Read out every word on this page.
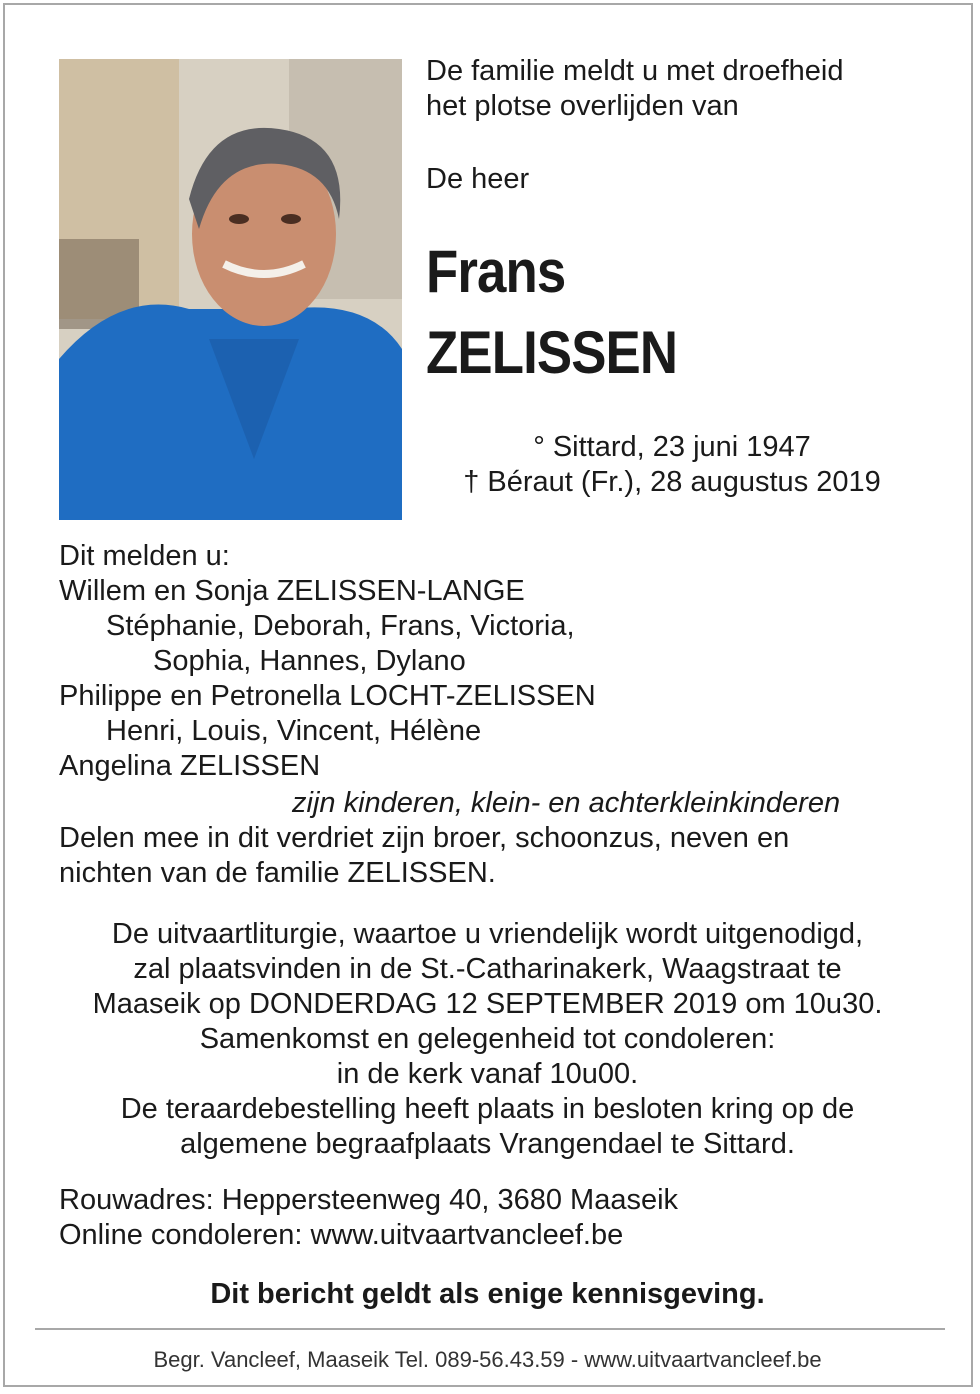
De familie meldt u met droefheid
het plotse overlijden van
De heer
Frans
ZELISSEN
° Sittard, 23 juni 1947
† Béraut (Fr.), 28 augustus 2019
Dit melden u:
Willem en Sonja ZELISSEN-LANGE
Stéphanie, Deborah, Frans, Victoria,
Sophia, Hannes, Dylano
Philippe en Petronella LOCHT-ZELISSEN
Henri, Louis, Vincent, Hélène
Angelina ZELISSEN
zijn kinderen, klein- en achterkleinkinderen
Delen mee in dit verdriet zijn broer, schoonzus, neven en
nichten van de familie ZELISSEN.
De uitvaartliturgie, waartoe u vriendelijk wordt uitgenodigd,
zal plaatsvinden in de St.-Catharinakerk, Waagstraat te
Maaseik op DONDERDAG 12 SEPTEMBER 2019 om 10u30.
Samenkomst en gelegenheid tot condoleren:
in de kerk vanaf 10u00.
De teraardebestelling heeft plaats in besloten kring op de
algemene begraafplaats Vrangendael te Sittard.
Rouwadres: Heppersteenweg 40, 3680 Maaseik
Online condoleren: www.uitvaartvancleef.be
Dit bericht geldt als enige kennisgeving.
Begr. Vancleef, Maaseik Tel. 089-56.43.59 - www.uitvaartvancleef.be
